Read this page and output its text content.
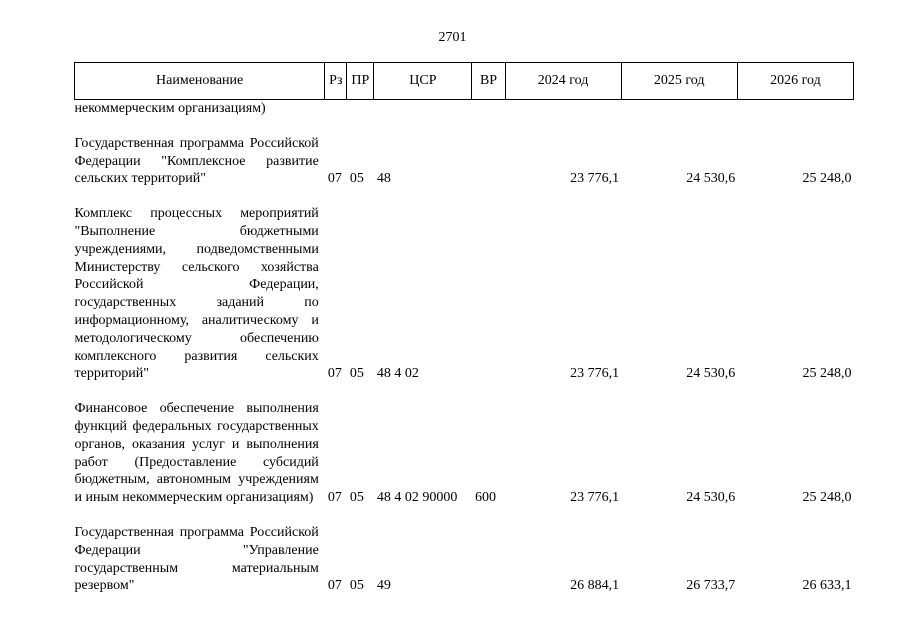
2701
Наименование	Рз	ПР	ЦСР	ВР	2024 год	2025 год	2026 год
некоммерческим организациям)							
Государственная программа Российской Федерации "Комплексное развитие сельских территорий"	07	05	48		23 776,1	24 530,6	25 248,0
Комплекс процессных мероприятий "Выполнение бюджетными учреждениями, подведомственными Министерству сельского хозяйства Российской Федерации, государственных заданий по информационному, аналитическому и методологическому обеспечению комплексного развития сельских территорий"	07	05	48 4 02		23 776,1	24 530,6	25 248,0
Финансовое обеспечение выполнения функций федеральных государственных органов, оказания услуг и выполнения работ (Предоставление субсидий бюджетным, автономным учреждениям и иным некоммерческим организациям)	07	05	48 4 02 90000	600	23 776,1	24 530,6	25 248,0
Государственная программа Российской Федерации "Управление государственным материальным резервом"	07	05	49		26 884,1	26 733,7	26 633,1
